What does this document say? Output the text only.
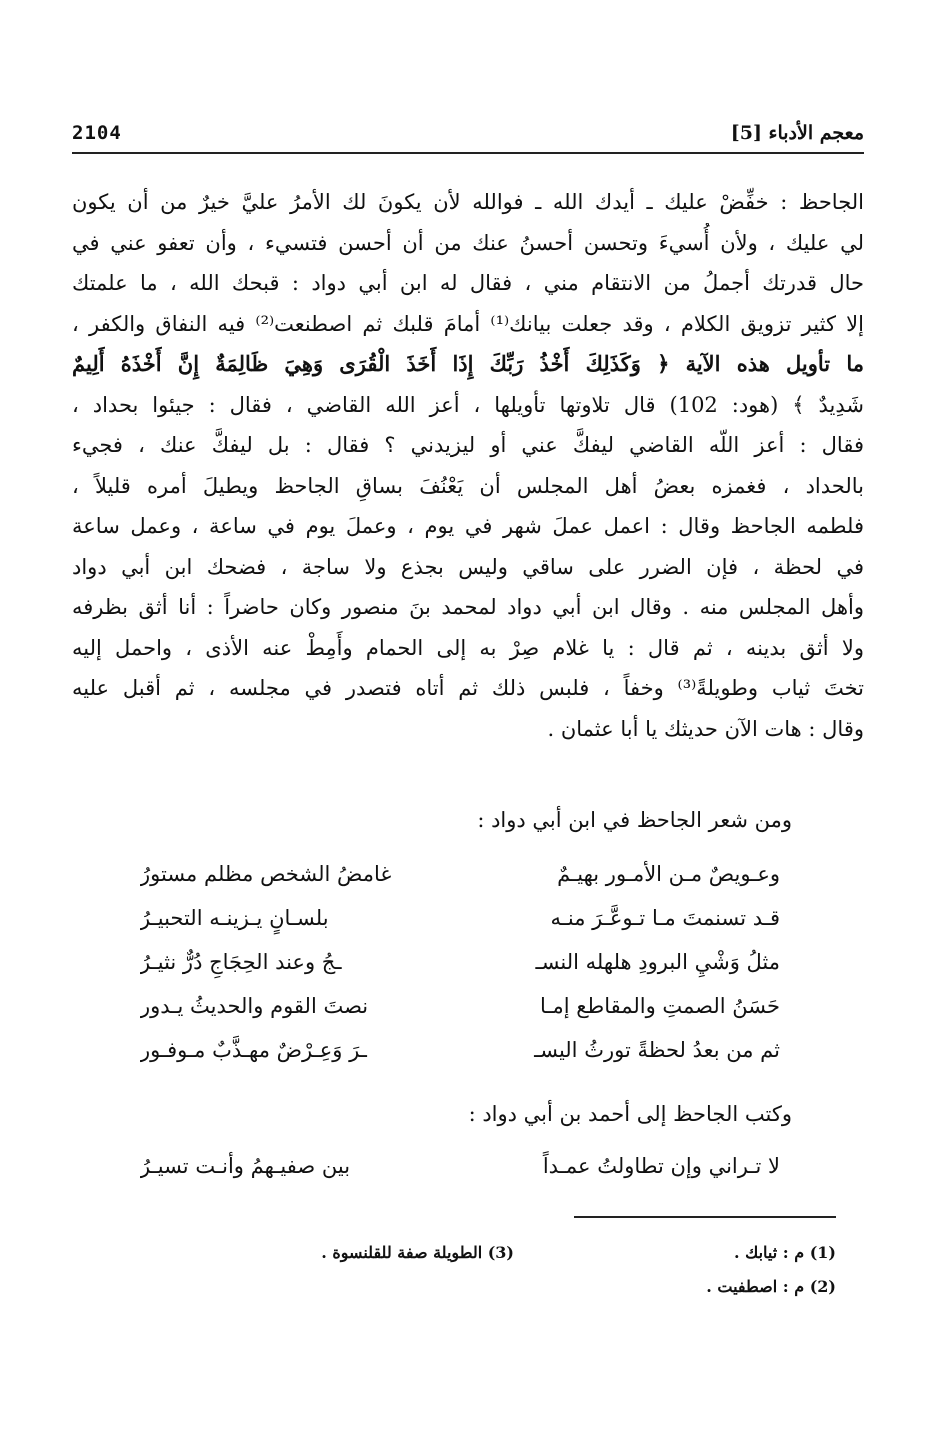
معجم الأدباء [5]
2104
الجاحظ : خفِّضْ عليك ـ أيدك الله ـ فوالله لأن يكونَ لك الأمرُ عليَّ خيرٌ من أن يكون
لي عليك ، ولأن أُسيءَ وتحسن أحسنُ عنك من أن أحسن فتسيء ، وأن تعفو عني في
حال قدرتك أجملُ من الانتقام مني ، فقال له ابن أبي دواد : قبحك الله ، ما علمتك
إلا كثير تزويق الكلام ، وقد جعلت بيانك⁽¹⁾ أمامَ قلبك ثم اصطنعت⁽²⁾ فيه النفاق والكفر ،
ما تأويل هذه الآية ﴿ وَكَذَلِكَ أَخْذُ رَبِّكَ إِذَا أَخَذَ الْقُرَى وَهِيَ ظَالِمَةٌ إِنَّ أَخْذَهُ أَلِيمٌ
شَدِيدٌ ﴾ (هود: 102) قال تلاوتها تأويلها ، أعز الله القاضي ، فقال : جيئوا بحداد ،
فقال : أعز اللّه القاضي ليفكَّ عني أو ليزيدني ؟ فقال : بل ليفكَّ عنك ، فجيء
بالحداد ، فغمزه بعضُ أهل المجلس أن يَعْنُفَ بساقِ الجاحظ ويطيلَ أمره قليلاً ،
فلطمه الجاحظ وقال : اعمل عملَ شهر في يوم ، وعملَ يوم في ساعة ، وعمل ساعة
في لحظة ، فإن الضرر على ساقي وليس بجذع ولا ساجة ، فضحك ابن أبي دواد
وأهل المجلس منه . وقال ابن أبي دواد لمحمد بنَ منصور وكان حاضراً : أنا أثق بظرفه
ولا أثق بدينه ، ثم قال : يا غلام صِرْ به إلى الحمام وأَمِطْ عنه الأذى ، واحمل إليه
تختَ ثياب وطويلةً⁽³⁾ وخفاً ، فلبس ذلك ثم أتاه فتصدر في مجلسه ، ثم أقبل عليه
وقال : هات الآن حديثك يا أبا عثمان .
ومن شعر الجاحظ في ابن أبي دواد :
وعـويصٌ مـن الأمـور بهيـمٌ
غامضُ الشخص مظلم مستورُ
قـد تسنمتَ مـا تـوعَّـرَ منـه
بلسـانٍ يـزينـه التحبيـرُ
مثلُ وَشْيِ البرودِ هلهله النسـ
ـجُ وعند الحِجَاجِ دُرٌّ نثيـرُ
حَسَنُ الصمتِ والمقاطع إمـا
نصتَ القوم والحديثُ يـدور
ثم من بعدُ لحظةً تورثُ اليسـ
ـرَ وَعِـرْضٌ مهـذَّبٌ مـوفـور
وكتب الجاحظ إلى أحمد بن أبي دواد :
لا تـراني وإن تطاولتُ عمـداً
بين صفيـهمُ وأنـت تسيـرُ
(1) م : ثيابك .
(3) الطويلة صفة للقلنسوة .
(2) م : اصطفيت .
